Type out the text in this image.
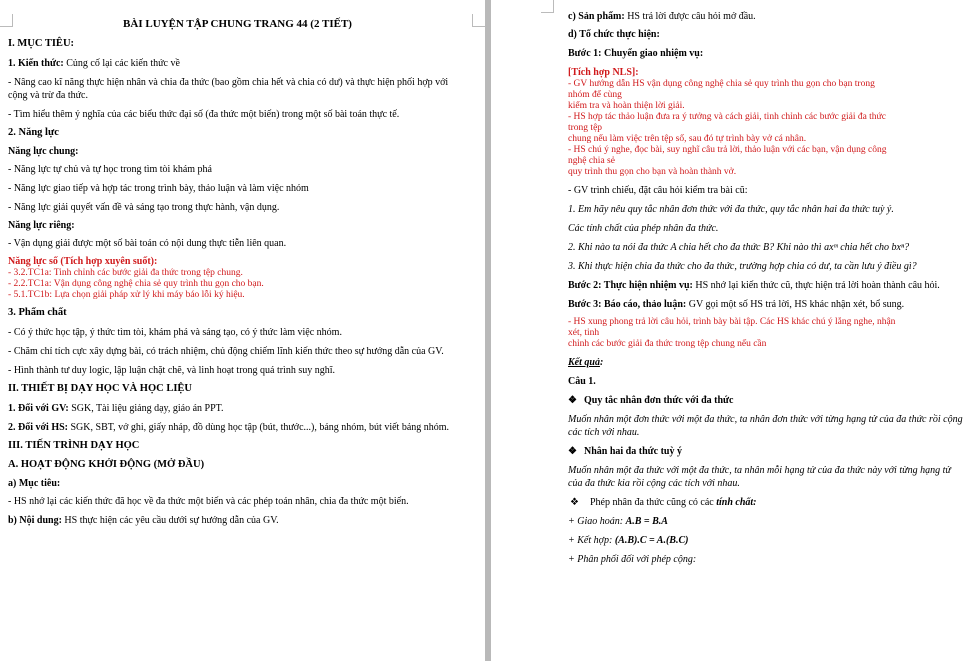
BÀI LUYỆN TẬP CHUNG TRANG 44 (2 TIẾT)
I. MỤC TIÊU:

1. Kiến thức: Củng cố lại các kiến thức về

- Nâng cao kĩ năng thực hiện nhân và chia đa thức (bao gồm chia hết và chia có dư) và thực hiện phối hợp với cộng và trừ đa thức.

- Tìm hiểu thêm ý nghĩa của các biểu thức đại số (đa thức một biến) trong một số bài toán thực tế.

2. Năng lực
Năng lực chung:

- Năng lực tự chủ và tự học trong tìm tòi khám phá

- Năng lực giao tiếp và hợp tác trong trình bày, thảo luận và làm việc nhóm

- Năng lực giải quyết vấn đề và sáng tạo trong thực hành, vận dụng.

Năng lực riêng:

- Vận dụng giải được một số bài toán có nội dung thực tiễn liên quan.

Năng lực số (Tích hợp xuyên suốt):
- 3.2.TC1a: Tinh chỉnh các bước giải đa thức trong tệp chung.
- 2.2.TC1a: Vận dụng công nghệ chia sẻ quy trình thu gọn cho bạn.
- 5.1.TC1b: Lựa chọn giải pháp xử lý khi máy báo lỗi ký hiệu.
3. Phẩm chất

- Có ý thức học tập, ý thức tìm tòi, khám phá và sáng tạo, có ý thức làm việc nhóm.

- Chăm chỉ tích cực xây dựng bài, có trách nhiệm, chủ động chiếm lĩnh kiến thức theo sự hướng dẫn của GV.

- Hình thành tư duy logic, lập luận chặt chẽ, và linh hoạt trong quá trình suy nghĩ.

II. THIẾT BỊ DẠY HỌC VÀ HỌC LIỆU

1. Đối với GV: SGK, Tài liệu giảng dạy, giáo án PPT.

2. Đối với HS: SGK, SBT, vở ghi, giấy nháp, đồ dùng học tập (bút, thước...), bảng nhóm, bút viết bảng nhóm.

III. TIẾN TRÌNH DẠY HỌC
A. HOẠT ĐỘNG KHỞI ĐỘNG (MỞ ĐẦU)
a) Mục tiêu:

- HS nhớ lại các kiến thức đã học về đa thức một biến và các phép toán nhân, chia đa thức một biến.

b) Nội dung: HS thực hiện các yêu cầu dưới sự hướng dẫn của GV.

c) Sản phẩm: HS trả lời được câu hỏi mở đầu.

d) Tổ chức thực hiện:
Bước 1: Chuyển giao nhiệm vụ:
[Tích hợp NLS]:
- GV hướng dẫn HS vận dụng công nghệ chia sẻ quy trình thu gọn cho bạn trong
nhóm để cùng
kiểm tra và hoàn thiện lời giải.
- HS hợp tác thảo luận đưa ra ý tưởng và cách giải, tinh chỉnh các bước giải đa thức
trong tệp
chung nếu làm việc trên tệp số, sau đó tự trình bày vở cá nhân.
- HS chú ý nghe, đọc bài, suy nghĩ câu trả lời, thảo luận với các bạn, vận dụng công
nghệ chia sẻ
quy trình thu gọn cho bạn và hoàn thành vở.

- GV trình chiếu, đặt câu hỏi kiểm tra bài cũ:

1. Em hãy nêu quy tắc nhân đơn thức với đa thức, quy tắc nhân hai đa thức tuỳ ý.

Các tính chất của phép nhân đa thức.

2. Khi nào ta nói đa thức A chia hết cho đa thức B? Khi nào thì axᵐ chia hết cho bxⁿ?

3. Khi thực hiện chia đa thức cho đa thức, trường hợp chia có dư, ta cần lưu ý điều gì?

Bước 2: Thực hiện nhiệm vụ: HS nhớ lại kiến thức cũ, thực hiện trả lời hoàn thành câu hỏi.

Bước 3: Báo cáo, thảo luận: GV gọi một số HS trả lời, HS khác nhận xét, bổ sung.

- HS xung phong trả lời câu hỏi, trình bày bài tập. Các HS khác chú ý lắng nghe, nhận
xét, tinh
chỉnh các bước giải đa thức trong tệp chung nếu cần

Kết quả:

Câu 1.

❖ Quy tắc nhân đơn thức với đa thức

Muốn nhân một đơn thức với một đa thức, ta nhân đơn thức với từng hạng tử của đa thức rồi cộng các tích với nhau.

❖ Nhân hai đa thức tuỳ ý

Muốn nhân một đa thức với một đa thức, ta nhân mỗi hạng tử của đa thức này với từng hạng tử của đa thức kia rồi cộng các tích với nhau.

❖ Phép nhân đa thức cũng có các tính chất:

+ Giao hoán: A.B = B.A

+ Kết hợp: (A.B).C = A.(B.C)

+ Phân phối đối với phép cộng:
